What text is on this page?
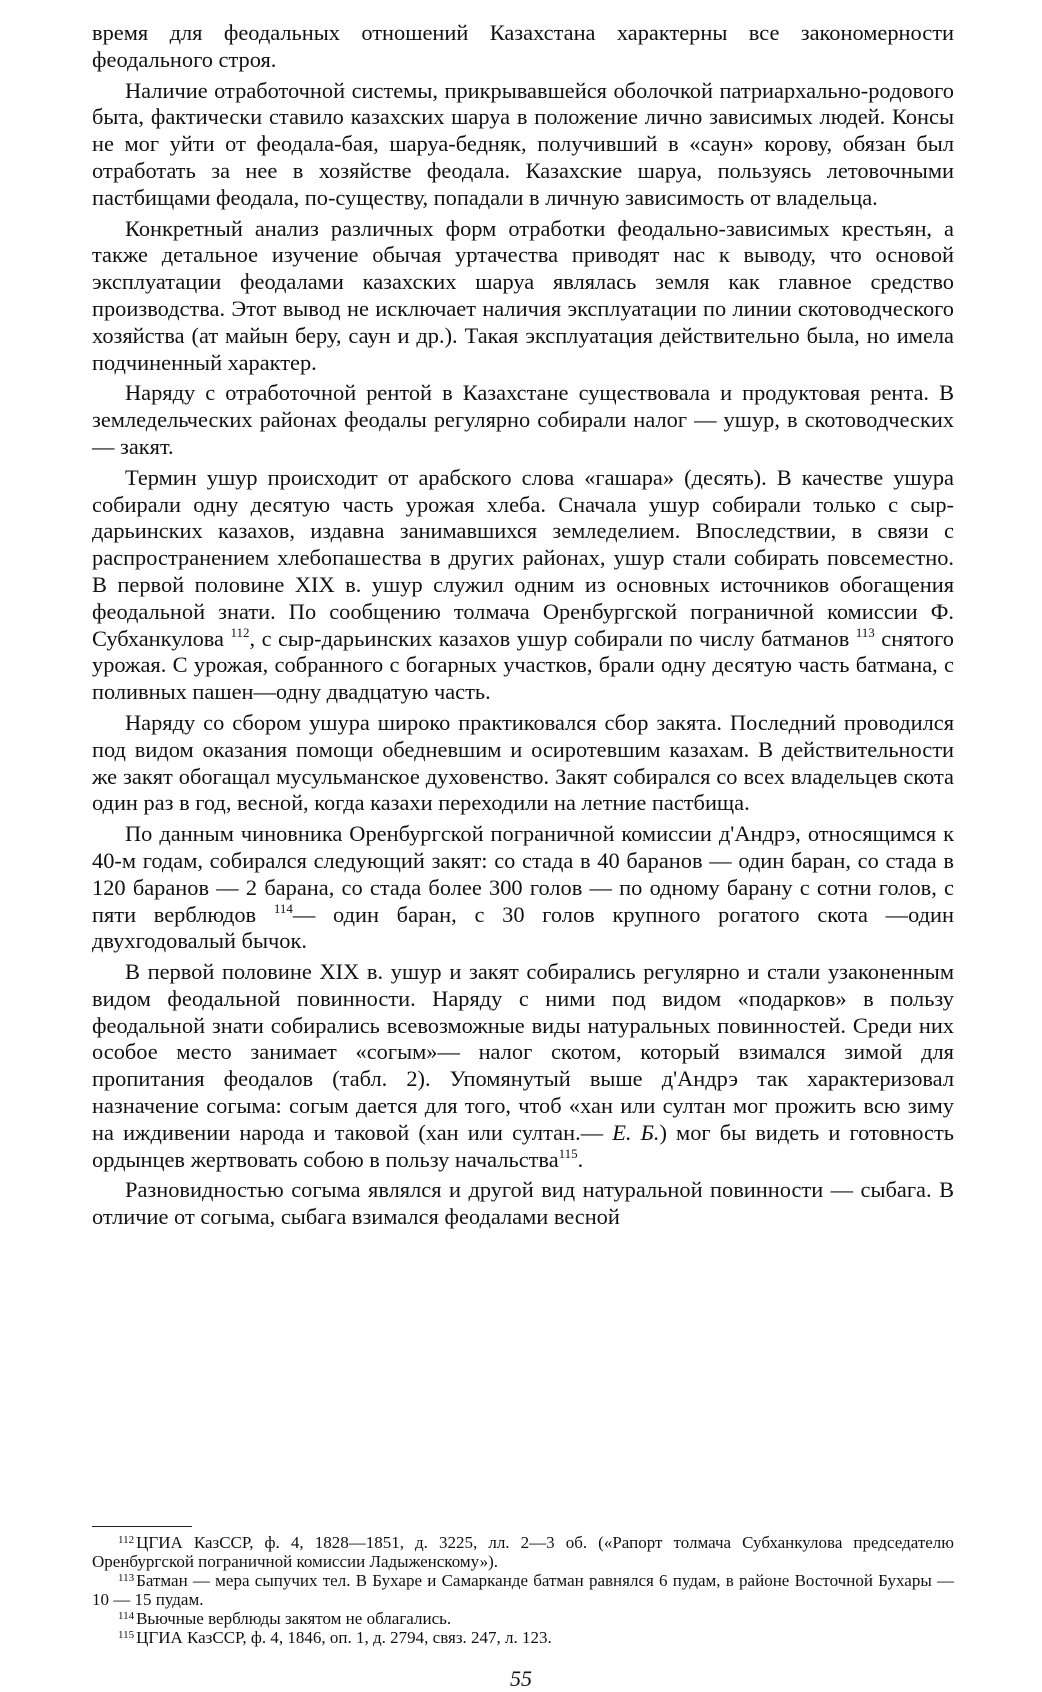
время для феодальных отношений Казахстана характерны все закономерности феодального строя.

Наличие отработочной системы, прикрывавшейся оболочкой патриархально-родового быта, фактически ставило казахских шаруа в положение лично зависимых людей. Консы не мог уйти от феодала-бая, шаруа-бедняк, получивший в «саун» корову, обязан был отработать за нее в хозяйстве феодала. Казахские шаруа, пользуясь летовочными пастбищами феодала, по-существу, попадали в личную зависимость от владельца.

Конкретный анализ различных форм отработки феодально-зависимых крестьян, а также детальное изучение обычая уртачества приводят нас к выводу, что основой эксплуатации феодалами казахских шаруа являлась земля как главное средство производства. Этот вывод не исключает наличия эксплуатации по линии скотоводческого хозяйства (ат майын беру, саун и др.). Такая эксплуатация действительно была, но имела подчиненный характер.

Наряду с отработочной рентой в Казахстане существовала и продуктовая рента. В земледельческих районах феодалы регулярно собирали налог — ушур, в скотоводческих — закят.

Термин ушур происходит от арабского слова «гашара» (десять). В качестве ушура собирали одну десятую часть урожая хлеба. Сначала ушур собирали только с сыр-дарьинских казахов, издавна занимавшихся земледелием. Впоследствии, в связи с распространением хлебопашества в других районах, ушур стали собирать повсеместно. В первой половине XIX в. ушур служил одним из основных источников обогащения феодальной знати. По сообщению толмача Оренбургской пограничной комиссии Ф. Субханкулова $^{112}$, с сыр-дарьинских казахов ушур собирали по числу батманов $^{113}$ снятого урожая. С урожая, собранного с богарных участков, брали одну десятую часть батмана, с поливных пашен—одну двадцатую часть.

Наряду со сбором ушура широко практиковался сбор закята. Последний проводился под видом оказания помощи обедневшим и осиротевшим казахам. В действительности же закят обогащал мусульманское духовенство. Закят собирался со всех владельцев скота один раз в год, весной, когда казахи переходили на летние пастбища.

По данным чиновника Оренбургской пограничной комиссии д'Андрэ, относящимся к 40-м годам, собирался следующий закят: со стада в 40 баранов — один баран, со стада в 120 баранов — 2 барана, со стада более 300 голов — по одному барану с сотни голов, с пяти верблюдов $^{114}$— один баран, с 30 голов крупного рогатого скота —один двухгодовалый бычок.

В первой половине XIX в. ушур и закят собирались регулярно и стали узаконенным видом феодальной повинности. Наряду с ними под видом «подарков» в пользу феодальной знати собирались всевозможные виды натуральных повинностей. Среди них особое место занимает «согым»— налог скотом, который взимался зимой для пропитания феодалов (табл. 2). Упомянутый выше д'Андрэ так характеризовал назначение согыма: согым дается для того, чтоб «хан или султан мог прожить всю зиму на иждивении народа и таковой (хан или султан.— Е. Б.) мог бы видеть и готовность ордынцев жертвовать собою в пользу начальства$^{115}$.

Разновидностью согыма являлся и другой вид натуральной повинности — сыбага. В отличие от согыма, сыбага взимался феодалами весной

$^{112}$ ЦГИА КазССР, ф. 4, 1828—1851, д. 3225, лл. 2—3 об. («Рапорт толмача Субханкулова председателю Оренбургской пограничной комиссии Ладыженскому»).

$^{113}$ Батман — мера сыпучих тел. В Бухаре и Самарканде батман равнялся 6 пудам, в районе Восточной Бухары — 10 — 15 пудам.

$^{114}$ Вьючные верблюды закятом не облагались.

$^{115}$ ЦГИА КазССР, ф. 4, 1846, оп. 1, д. 2794, связ. 247, л. 123.

55
